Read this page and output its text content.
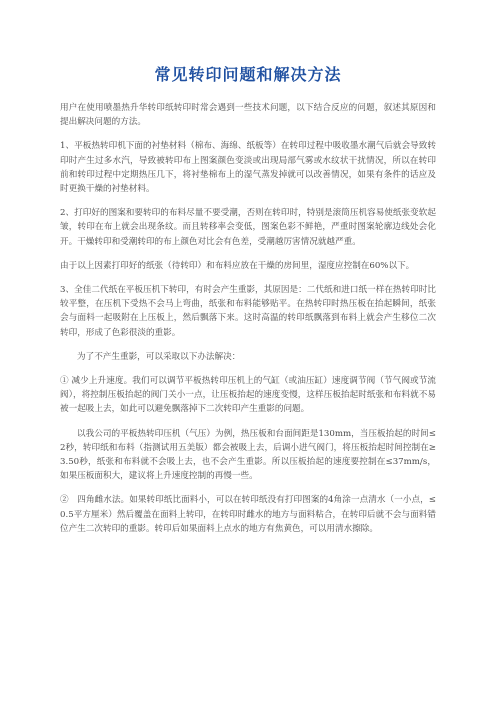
常见转印问题和解决方法

用户在使用喷墨热升华转印纸转印时常会遇到一些技术问题，以下结合反应的问题，叙述其原因和提出解决问题的方法。

1、平板热转印机下面的衬垫材料（棉布、海绵、纸板等）在转印过程中吸收墨水潮气后就会导致转印时产生过多水汽，导致被转印布上图案颜色变淡或出现局部气雾或水纹状干扰情况，所以在转印前和转印过程中定期热压几下，将衬垫棉布上的湿气蒸发掉就可以改善情况，如果有条件的话应及时更换干燥的衬垫材料。

2、打印好的图案和要转印的布料尽量不要受潮，否则在转印时，特别是滚筒压机容易使纸张变软起皱，转印在布上就会出现条纹。而且转移率会变低，图案色彩不鲜艳，严重时图案轮廓边线处会化开。干燥转印和受潮转印的布上颜色对比会有色差，受潮越厉害情况就越严重。

由于以上因素打印好的纸张（待转印）和布料应放在干燥的房间里，湿度应控制在60%以下。

3、全佳二代纸在平板压机下转印，有时会产生重影，其原因是：二代纸和进口纸一样在热转印时比较平整，在压机下受热不会马上弯曲，纸张和布料能够贴平。在热转印时热压板在抬起瞬间，纸张会与面料一起吸附在上压板上，然后飘落下来。这时高温的转印纸飘落到布料上就会产生移位二次转印，形成了色彩很淡的重影。

为了不产生重影，可以采取以下办法解决：

① 减少上升速度。我们可以调节平板热转印压机上的气缸（或油压缸）速度调节阀（节气阀或节流阀），将控制压板抬起的阀门关小一点，让压板抬起的速度变慢，这样压板抬起时纸张和布料就不易被一起吸上去，如此可以避免飘落掉下二次转印产生重影的问题。

以我公司的平板热转印压机（气压）为例，热压板和台面间距是130mm，当压板抬起的时间≤2秒，转印纸和布料（指测试用五美版）都会被吸上去，后调小进气阀门，将压板抬起时间控制在≥3.50秒，纸张和布料就不会吸上去，也不会产生重影。所以压板抬起的速度要控制在≤37mm/s，如果压板面积大，建议将上升速度控制的再慢一些。

②　四角雌水法。如果转印纸比面料小，可以在转印纸没有打印图案的4角涂一点清水（一小点，≤0.5平方厘米）然后覆盖在面料上转印，在转印时雌水的地方与面料粘合，在转印后就不会与面料错位产生二次转印的重影。转印后如果面料上点水的地方有焦黄色，可以用清水擦除。
